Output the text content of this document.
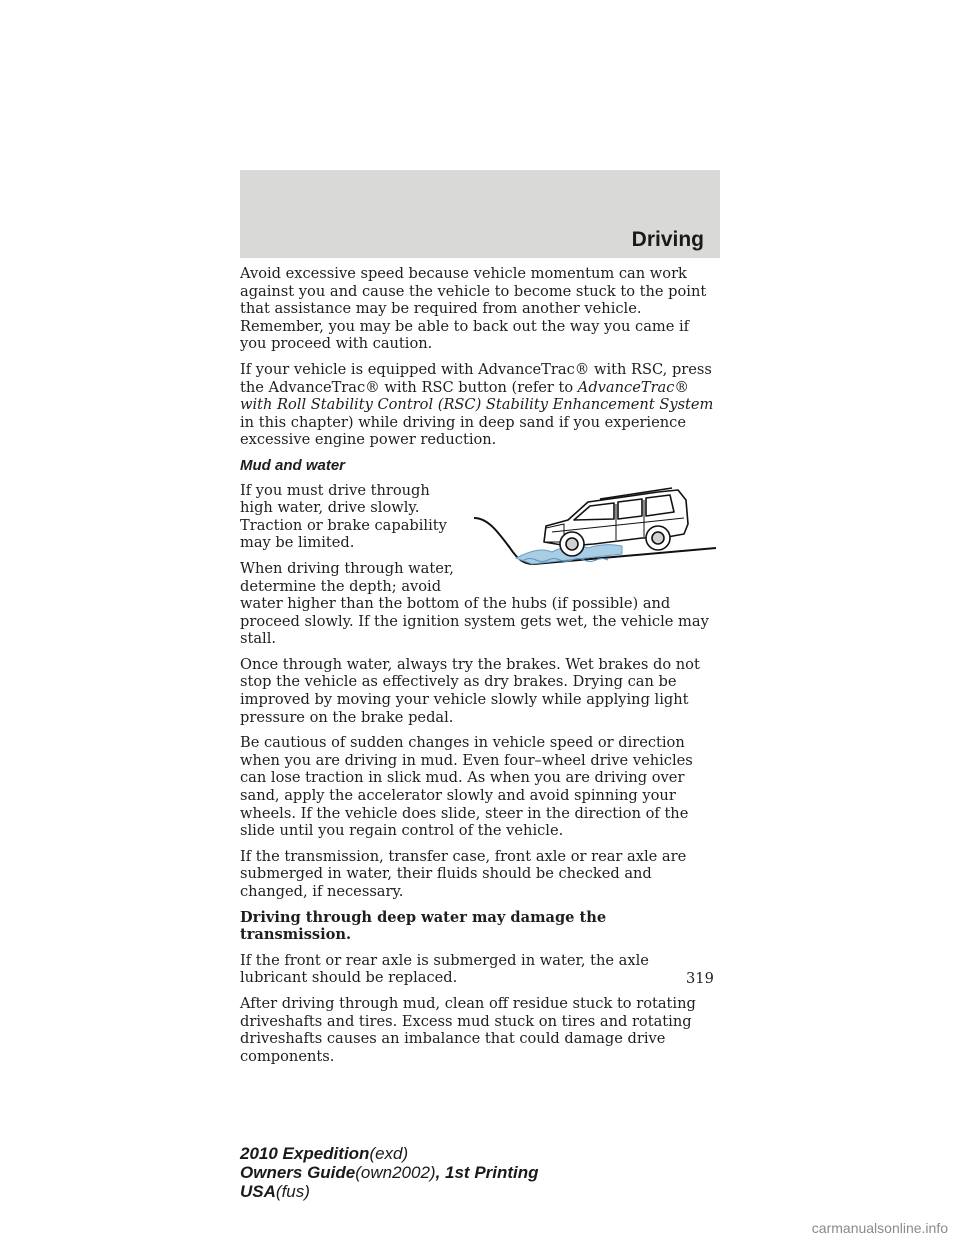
Driving

Avoid excessive speed because vehicle momentum can work against you and cause the vehicle to become stuck to the point that assistance may be required from another vehicle. Remember, you may be able to back out the way you came if you proceed with caution.

If your vehicle is equipped with AdvanceTrac® with RSC, press the AdvanceTrac® with RSC button (refer to AdvanceTrac® with Roll Stability Control (RSC) Stability Enhancement System in this chapter) while driving in deep sand if you experience excessive engine power reduction.

Mud and water

If you must drive through high water, drive slowly. Traction or brake capability may be limited.

When driving through water, determine the depth; avoid water higher than the bottom of the hubs (if possible) and proceed slowly. If the ignition system gets wet, the vehicle may stall.

Once through water, always try the brakes. Wet brakes do not stop the vehicle as effectively as dry brakes. Drying can be improved by moving your vehicle slowly while applying light pressure on the brake pedal.

Be cautious of sudden changes in vehicle speed or direction when you are driving in mud. Even four–wheel drive vehicles can lose traction in slick mud. As when you are driving over sand, apply the accelerator slowly and avoid spinning your wheels. If the vehicle does slide, steer in the direction of the slide until you regain control of the vehicle.

If the transmission, transfer case, front axle or rear axle are submerged in water, their fluids should be checked and changed, if necessary.

Driving through deep water may damage the transmission.

If the front or rear axle is submerged in water, the axle lubricant should be replaced.

After driving through mud, clean off residue stuck to rotating driveshafts and tires. Excess mud stuck on tires and rotating driveshafts causes an imbalance that could damage drive components.

319
2010 Expedition(exd)
Owners Guide(own2002), 1st Printing
USA(fus)
carmanualsonline.info
